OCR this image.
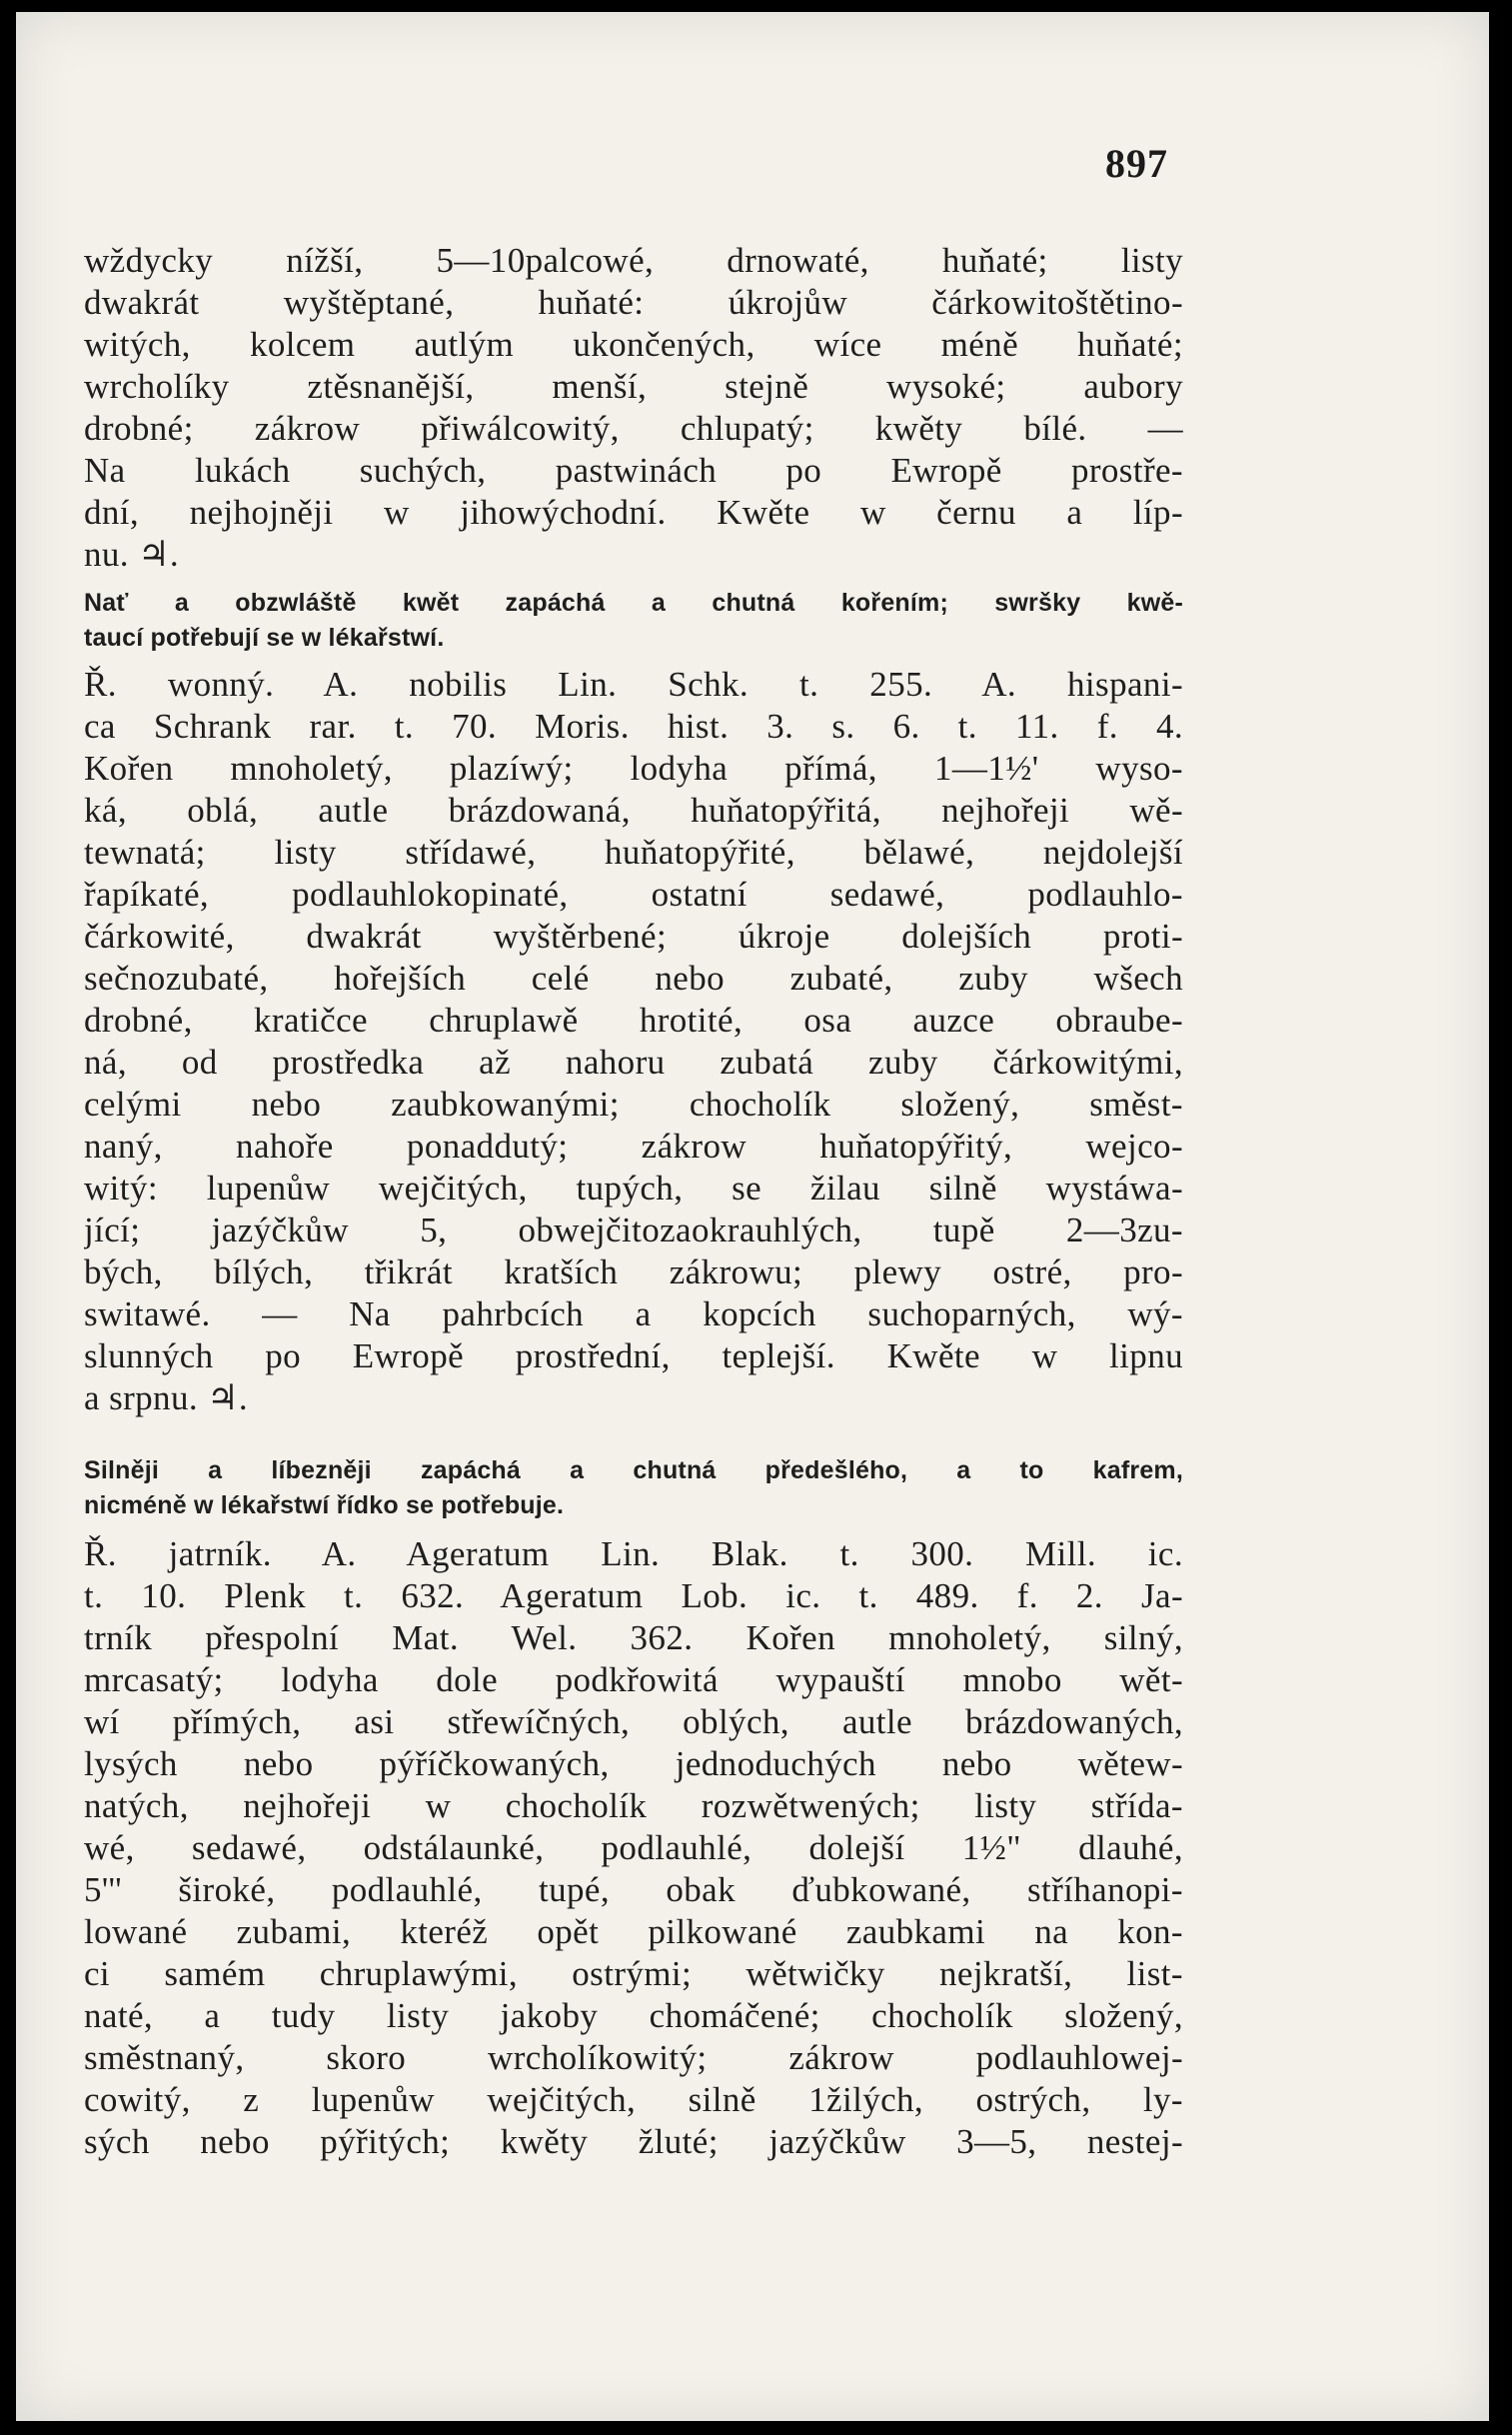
897
wždycky nížší, 5—10palcowé, drnowaté, huňaté; listy
dwakrát wyštěptané, huňaté: úkrojůw čárkowitoštětino-
witých, kolcem autlým ukončených, wíce méně huňaté;
wrcholíky ztěsnanější, menší, stejně wysoké; aubory
drobné; zákrow přiwálcowitý, chlupatý; kwěty bílé. —
Na lukách suchých, pastwinách po Ewropě prostře-
dní, nejhojněji w jihowýchodní. Kwěte w černu a líp-
nu. ♃.
Nať a obzwláště kwět zapáchá a chutná kořením; swršky kwě-
taucí potřebují se w lékařstwí.
Ř. wonný. A. nobilis Lin. Schk. t. 255. A. hispani-
ca Schrank rar. t. 70. Moris. hist. 3. s. 6. t. 11. f. 4.
Kořen mnoholetý, plazíwý; lodyha přímá, 1—1½' wyso-
ká, oblá, autle brázdowaná, huňatopýřitá, nejhořeji wě-
tewnatá; listy střídawé, huňatopýřité, bělawé, nejdolejší
řapíkaté, podlauhlokopinaté, ostatní sedawé, podlauhlo-
čárkowité, dwakrát wyštěrbené; úkroje dolejších proti-
sečnozubaté, hořejších celé nebo zubaté, zuby wšech
drobné, kratičce chruplawě hrotité, osa auzce obraube-
ná, od prostředka až nahoru zubatá zuby čárkowitými,
celými nebo zaubkowanými; chocholík složený, směst-
naný, nahoře ponaddutý; zákrow huňatopýřitý, wejco-
witý: lupenůw wejčitých, tupých, se žilau silně wystáwa-
jící; jazýčkůw 5, obwejčitozaokrauhlých, tupě 2—3zu-
bých, bílých, třikrát kratších zákrowu; plewy ostré, pro-
switawé. — Na pahrbcích a kopcích suchoparných, wý-
slunných po Ewropě prostřední, teplejší. Kwěte w lipnu
a srpnu. ♃.
Silněji a líbezněji zapáchá a chutná předešlého, a to kafrem,
nicméně w lékařstwí řídko se potřebuje.
Ř. jatrník. A. Ageratum Lin. Blak. t. 300. Mill. ic.
t. 10. Plenk t. 632. Ageratum Lob. ic. t. 489. f. 2. Ja-
trník přespolní Mat. Wel. 362. Kořen mnoholetý, silný,
mrcasatý; lodyha dole podkřowitá wypauští mnobo wět-
wí přímých, asi střewíčných, oblých, autle brázdowaných,
lysých nebo pýříčkowaných, jednoduchých nebo wětew-
natých, nejhořeji w chocholík rozwětwených; listy střída-
wé, sedawé, odstálaunké, podlauhlé, dolejší 1½" dlauhé,
5''' široké, podlauhlé, tupé, obak ďubkowané, stříhanopi-
lowané zubami, kteréž opět pilkowané zaubkami na kon-
ci samém chruplawými, ostrými; wětwičky nejkratší, list-
naté, a tudy listy jakoby chomáčené; chocholík složený,
směstnaný, skoro wrcholíkowitý; zákrow podlauhlowej-
cowitý, z lupenůw wejčitých, silně 1žilých, ostrých, ly-
sých nebo pýřitých; kwěty žluté; jazýčkůw 3—5, nestej-
